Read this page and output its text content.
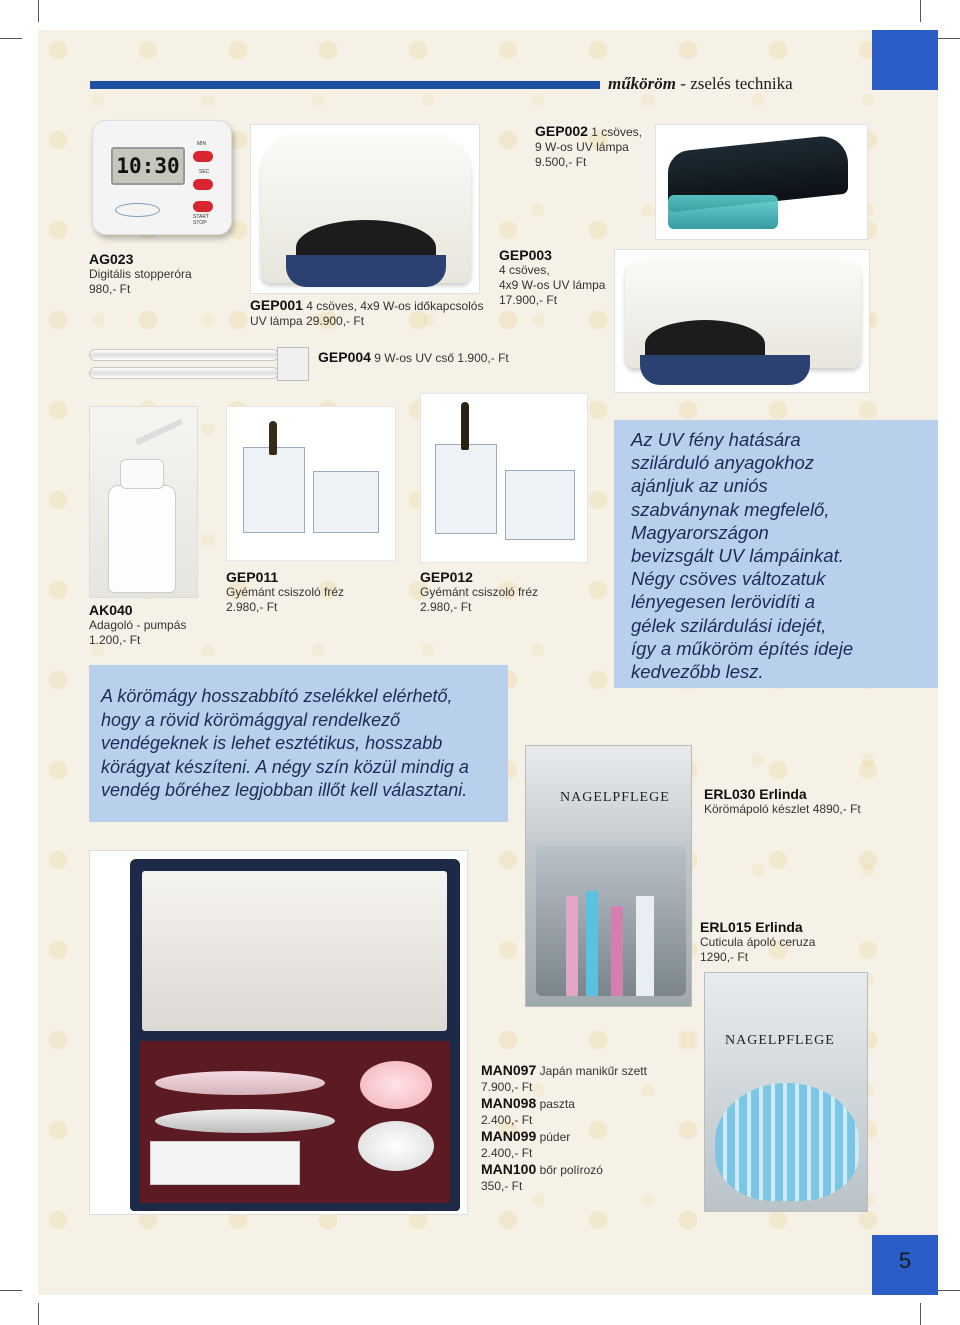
műköröm - zselés technika
10:30
MIN
SEC
START STOP
AG023
Digitális stopperóra
980,- Ft
GEP001 4 csöves, 4x9 W-os időkapcsolós
UV lámpa 29.900,- Ft
GEP002 1 csöves,
9 W-os UV lámpa
9.500,- Ft
GEP003
4 csöves,
4x9 W-os UV lámpa
17.900,- Ft
GEP004 9 W-os UV cső 1.900,- Ft
AK040
Adagoló - pumpás
1.200,- Ft
GEP011
Gyémánt csiszoló fréz
2.980,- Ft
GEP012
Gyémánt csiszoló fréz
2.980,- Ft

Az UV fény hatására

szilárduló anyagokhoz

ajánljuk az uniós

szabványnak megfelelő,

Magyarországon

bevizsgált UV lámpáinkat.

Négy csöves változatuk

lényegesen lerövidíti a

gélek szilárdulási idejét,

így a műköröm építés ideje

kedvezőbb lesz.

A körömágy hosszabbító zselékkel elérhető,

hogy a rövid körömággyal rendelkező

vendégeknek is lehet esztétikus, hosszabb

körágyat készíteni. A négy szín közül mindig a

vendég bőréhez legjobban illőt kell választani.	NAGELPFLEGE ERL030 Erlinda
Körömápoló készlet 4890,- Ft
ERL015 Erlinda
Cuticula ápoló ceruza
1290,- Ft
NAGELPFLEGE
MAN097 Japán manikűr szett
7.900,- Ft
MAN098 paszta
2.400,- Ft
MAN099 púder
2.400,- Ft
MAN100 bőr polírozó
350,- Ft
5
